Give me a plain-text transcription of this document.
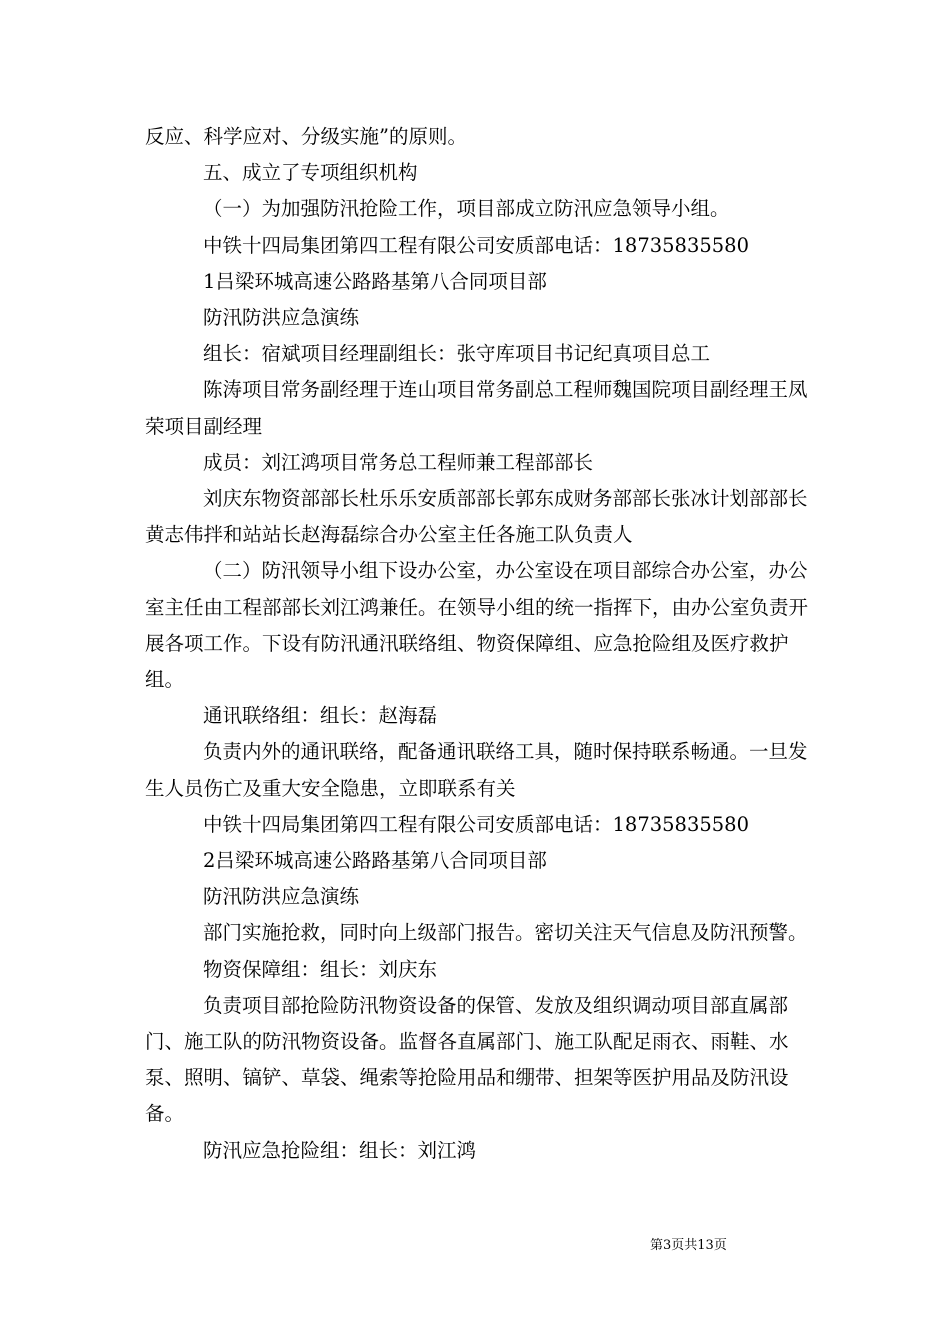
反应、科学应对、分级实施”的原则。

五、成立了专项组织机构

（一）为加强防汛抢险工作，项目部成立防汛应急领导小组。

中铁十四局集团第四工程有限公司安质部电话：18735835580

1吕梁环城高速公路路基第八合同项目部

防汛防洪应急演练

组长：宿斌项目经理副组长：张守库项目书记纪真项目总工

陈涛项目常务副经理于连山项目常务副总工程师魏国院项目副经理王凤荣项目副经理

成员：刘江鸿项目常务总工程师兼工程部部长

刘庆东物资部部长杜乐乐安质部部长郭东成财务部部长张冰计划部部长黄志伟拌和站站长赵海磊综合办公室主任各施工队负责人

（二）防汛领导小组下设办公室，办公室设在项目部综合办公室，办公室主任由工程部部长刘江鸿兼任。在领导小组的统一指挥下，由办公室负责开展各项工作。下设有防汛通汛联络组、物资保障组、应急抢险组及医疗救护组。

通讯联络组：组长：赵海磊

负责内外的通讯联络，配备通讯联络工具，随时保持联系畅通。一旦发生人员伤亡及重大安全隐患，立即联系有关

中铁十四局集团第四工程有限公司安质部电话：18735835580

2吕梁环城高速公路路基第八合同项目部

防汛防洪应急演练

部门实施抢救，同时向上级部门报告。密切关注天气信息及防汛预警。

物资保障组：组长：刘庆东

负责项目部抢险防汛物资设备的保管、发放及组织调动项目部直属部门、施工队的防汛物资设备。监督各直属部门、施工队配足雨衣、雨鞋、水泵、照明、镐铲、草袋、绳索等抢险用品和绷带、担架等医护用品及防汛设备。

防汛应急抢险组：组长：刘江鸿

第3页共13页
